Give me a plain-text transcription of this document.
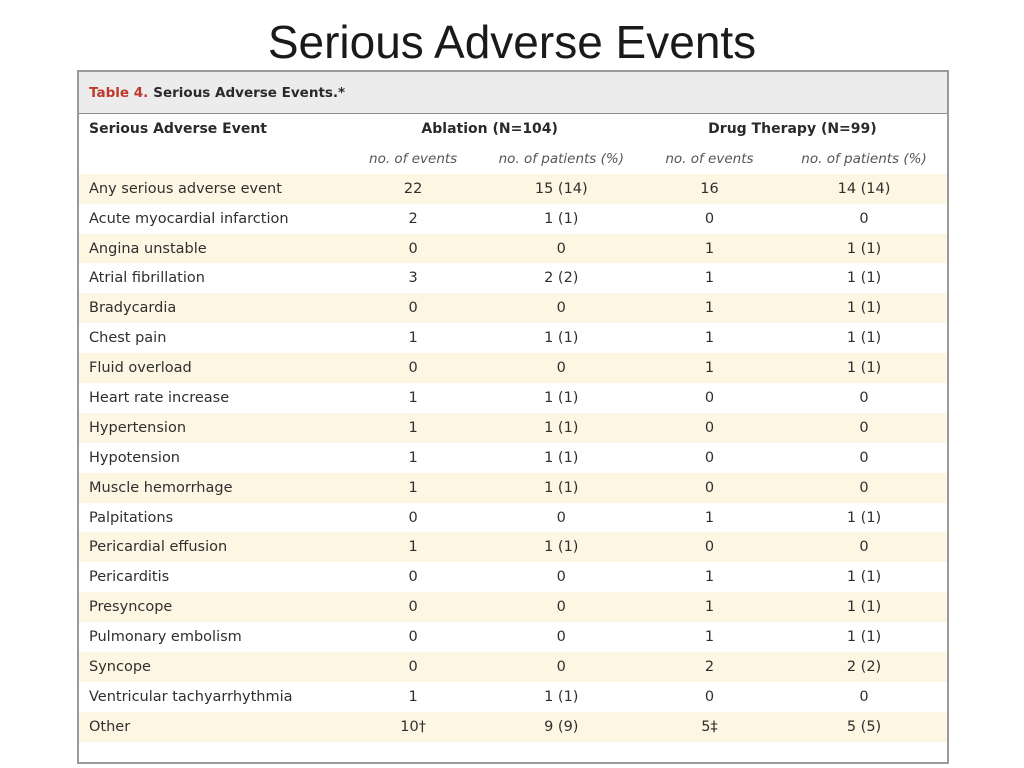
Serious Adverse Events
Table 4. Serious Adverse Events.*
Serious Adverse Event	Ablation (N=104)		Drug Therapy (N=99)	
	no. of events	no. of patients (%)	no. of events	no. of patients (%)
Any serious adverse event	22	15 (14)	16	14 (14)
Acute myocardial infarction	2	1 (1)	0	0
Angina unstable	0	0	1	1 (1)
Atrial fibrillation	3	2 (2)	1	1 (1)
Bradycardia	0	0	1	1 (1)
Chest pain	1	1 (1)	1	1 (1)
Fluid overload	0	0	1	1 (1)
Heart rate increase	1	1 (1)	0	0
Hypertension	1	1 (1)	0	0
Hypotension	1	1 (1)	0	0
Muscle hemorrhage	1	1 (1)	0	0
Palpitations	0	0	1	1 (1)
Pericardial effusion	1	1 (1)	0	0
Pericarditis	0	0	1	1 (1)
Presyncope	0	0	1	1 (1)
Pulmonary embolism	0	0	1	1 (1)
Syncope	0	0	2	2 (2)
Ventricular tachyarrhythmia	1	1 (1)	0	0
Other	10†	9 (9)	5‡	5 (5)
